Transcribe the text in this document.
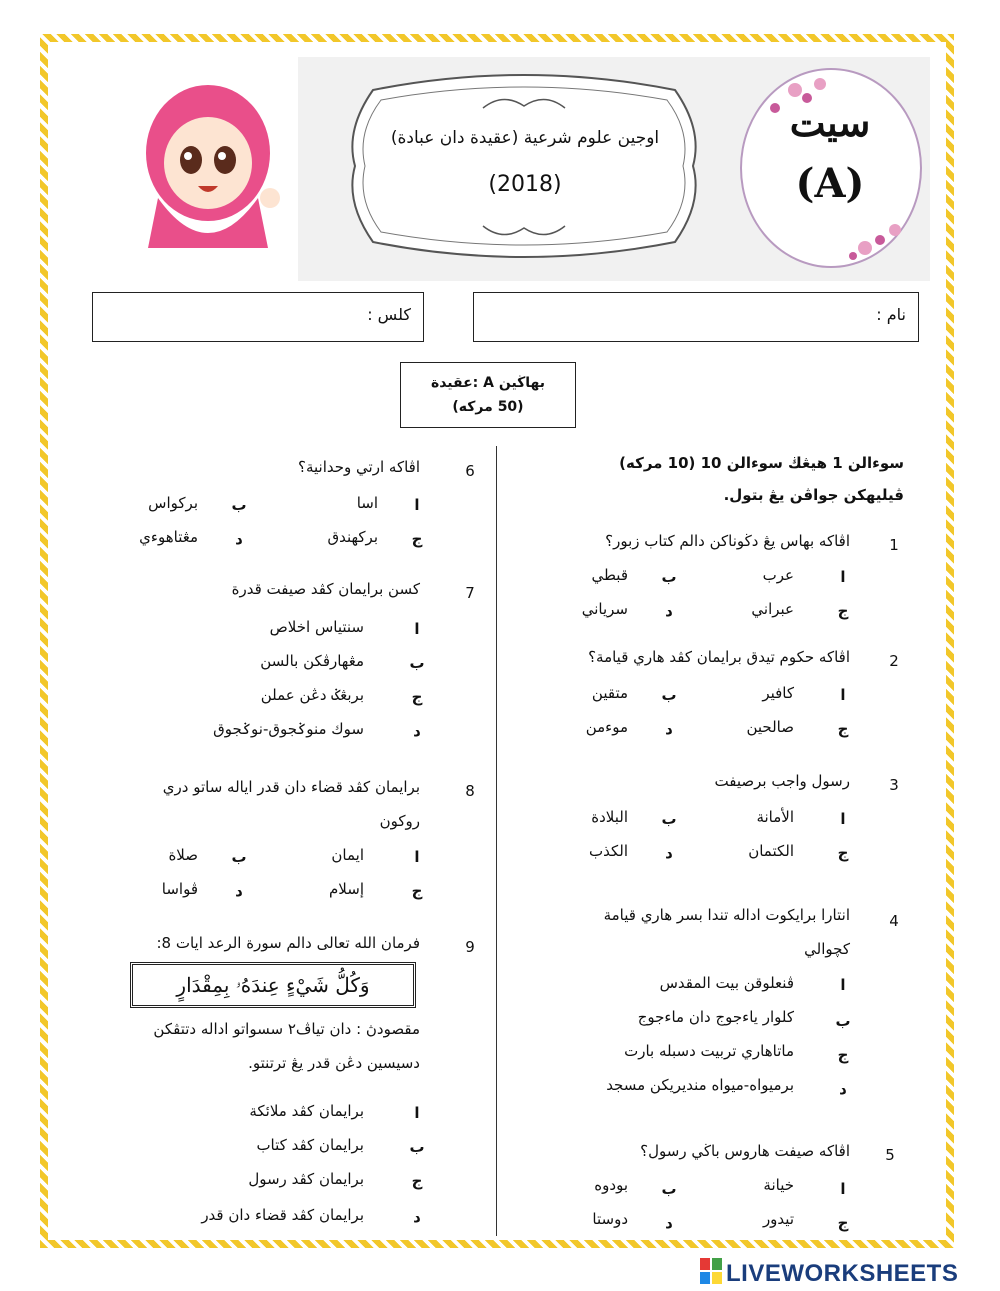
اوجين علوم شرعية (عقيدة دان عبادة)
(2018)
سيت
(A)
نام :
كلس :
بهاڬين A :عقيدة
(50 مركه)
سوءالن 1 هيڠڬ سوءالن 10 (10 مركه)
ڤيليهكن جواڤن يڠ بتول.
1
اڤاكه بهاس يڠ دڬوناكن دالم كتاب زبور؟
ا
عرب
ب
قبطي
ج
عبراني
د
سرياني
2
اڤاكه حكوم تيدق برايمان كڤد هاري قيامة؟
ا
كافير
ب
متقين
ج
صالحين
د
موءمن
3
رسول واجب برصيفت
ا
الأمانة
ب
البلادة
ج
الكتمان
د
الكذب
4
انتارا برايكوت اداله تندا بسر هاري قيامة
كچوالي
ا
ڤنعلوقن بيت المقدس
ب
كلوار ياءجوج دان ماءجوج
ج
ماتاهاري تربيت دسبله بارت
د
برميواه-ميواه منديريكن مسجد
5
اڤاكه صيفت هاروس باڬي رسول؟
ا
خيانة
ب
بودوه
ج
تيدور
د
دوستا
6
اڤاكه ارتي وحدانية؟
ا
اسا
ب
بركواس
ج
بركهندق
د
مڠتاهوءي
7
كسن برايمان كڤد صيفت قدرة
ا
سنتياس اخلاص
ب
مڠهارڤكن بالسن
ج
بربڠݢ دڠن عملن
د
سوك منوݢجوق-نوݢجوق
8
برايمان كڤد قضاء دان قدر اياله ساتو دري
روكون
ا
ايمان
ب
صلاة
ج
إسلام
د
ڤواسا
9
فرمان الله تعالى دالم سورة الرعد ايات 8:
وَكُلُّ شَيْءٍ عِندَهُۥ بِمِقْدَارٍ
مقصودڽ : دان تياڤ٢ سسواتو اداله دتتڤكن
دسيسين دڠن قدر يڠ ترتنتو.
ا
برايمان كڤد ملائكة
ب
برايمان كڤد كتاب
ج
برايمان كڤد رسول
د
برايمان كڤد قضاء دان قدر
LIVEWORKSHEETS
